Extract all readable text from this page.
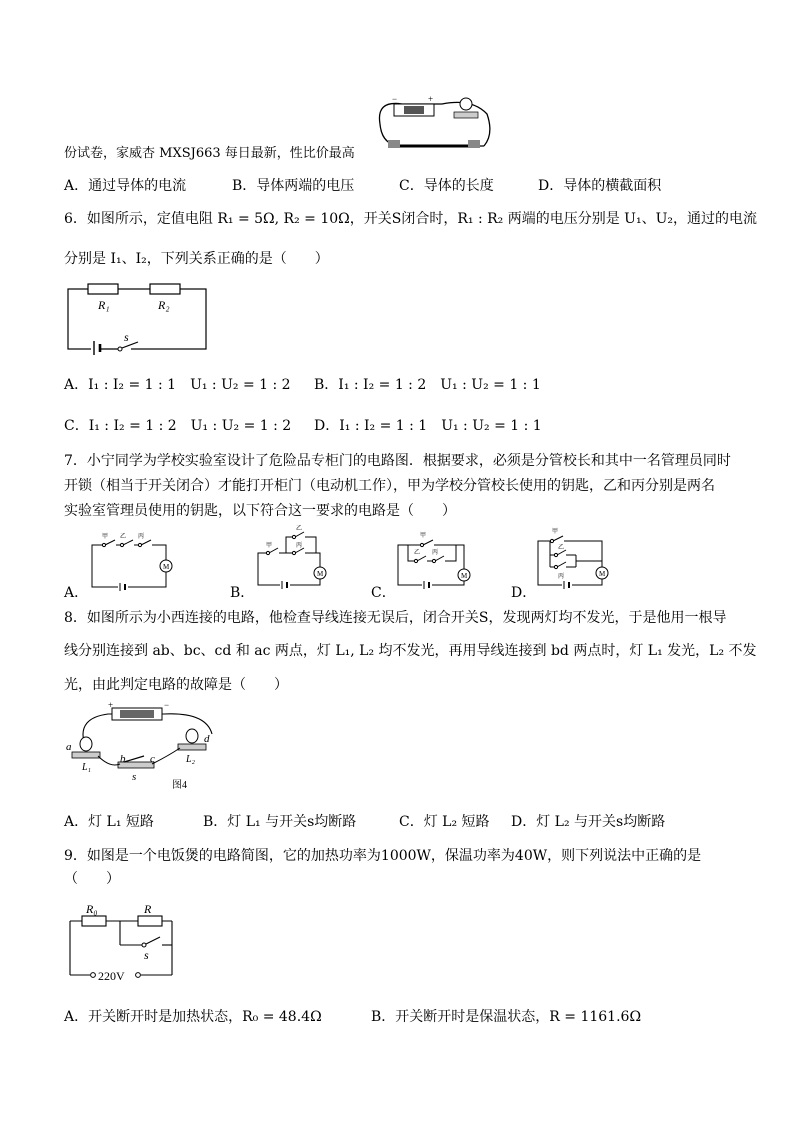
份试卷，家威杏 MXSJ663 每日最新，性比价最高
−	+
A．通过导体的电流	B．导体两端的电压	C．导体的长度	D．导体的横截面积
6．如图所示，定值电阻 R₁ = 5Ω, R₂ = 10Ω，开关S闭合时，R₁ : R₂ 两端的电压分别是 U₁、U₂，通过的电流
分别是 I₁、I₂，下列关系正确的是（　　）
R₁	R₂
s
A．I₁ : I₂ = 1 : 1　U₁ : U₂ = 1 : 2 B．I₁ : I₂ = 1 : 2　U₁ : U₂ = 1 : 1
C．I₁ : I₂ = 1 : 2　U₁ : U₂ = 1 : 2 D．I₁ : I₂ = 1 : 1　U₁ : U₂ = 1 : 1
7．小宁同学为学校实验室设计了危险品专柜门的电路图．根据要求，必须是分管校长和其中一名管理员同时
开锁（相当于开关闭合）才能打开柜门（电动机工作），甲为学校分管校长使用的钥匙，乙和丙分别是两名
实验室管理员使用的钥匙，以下符合这一要求的电路是（　　）
A．
甲 乙 丙
M
B．
甲
乙
丙
M
C．
甲
乙 丙
M
D．
甲
乙
丙	M
8．如图所示为小西连接的电路，他检查导线连接无误后，闭合开关S，发现两灯均不发光，于是他用一根导
线分别连接到 ab、bc、cd 和 ac 两点，灯 L₁, L₂ 均不发光，再用导线连接到 bd 两点时，灯 L₁ 发光，L₂ 不发
光，由此判定电路的故障是（　　）
+	−
a
b c
d
L₁
L₂
s
图4
A．灯 L₁ 短路	B．灯 L₁ 与开关s均断路	C．灯 L₂ 短路 D．灯 L₂ 与开关s均断路
9．如图是一个电饭煲的电路简图，它的加热功率为1000W，保温功率为40W，则下列说法中正确的是
（　　）
R₀	R
s
220V
A．开关断开时是加热状态，R₀ = 48.4Ω	B．开关断开时是保温状态，R = 1161.6Ω
